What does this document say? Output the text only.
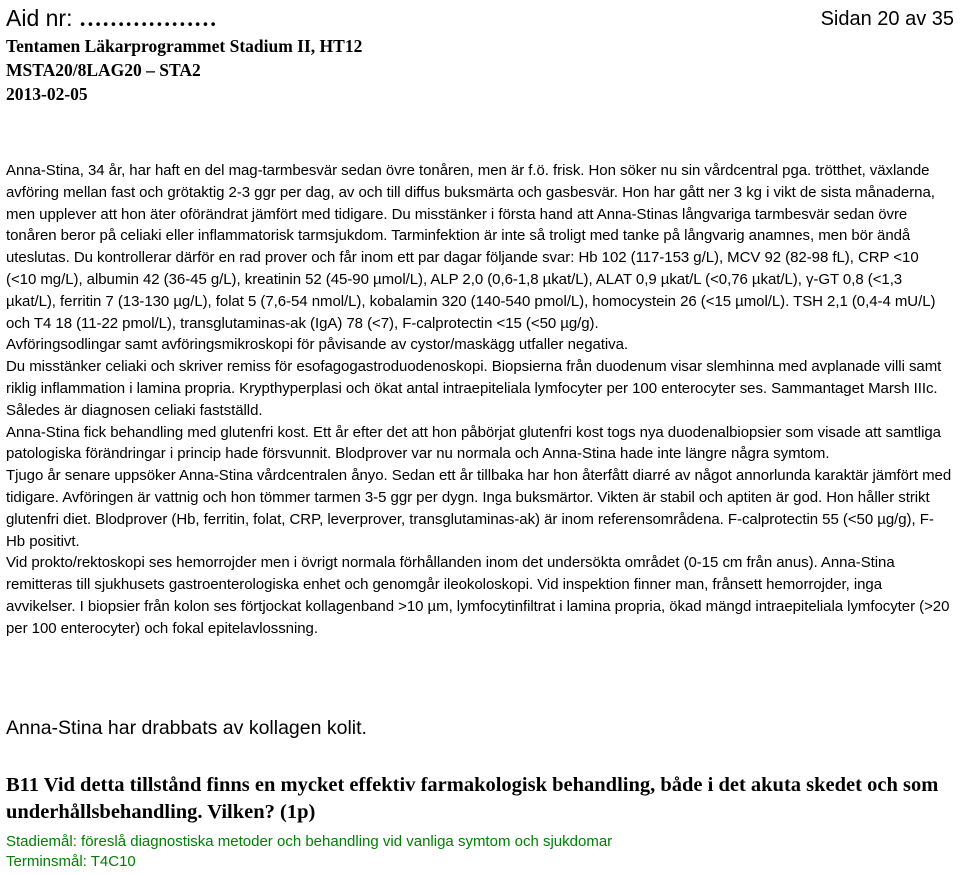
Aid nr: ………………	Sidan 20 av 35
Tentamen Läkarprogrammet Stadium II, HT12
MSTA20/8LAG20 – STA2
2013-02-05

Anna-Stina, 34 år, har haft en del mag-tarmbesvär sedan övre tonåren, men är f.ö. frisk. Hon söker nu sin vårdcentral pga. trötthet, växlande avföring mellan fast och grötaktig 2-3 ggr per dag, av och till diffus buksmärta och gasbesvär. Hon har gått ner 3 kg i vikt de sista månaderna, men upplever att hon äter oförändrat jämfört med tidigare. Du misstänker i första hand att Anna-Stinas långvariga tarmbesvär sedan övre tonåren beror på celiaki eller inflammatorisk tarmsjukdom. Tarminfektion är inte så troligt med tanke på långvarig anamnes, men bör ändå uteslutas. Du kontrollerar därför en rad prover och får inom ett par dagar följande svar: Hb 102 (117-153 g/L), MCV 92 (82-98 fL), CRP <10 (<10 mg/L), albumin 42 (36-45 g/L), kreatinin 52 (45-90 µmol/L), ALP 2,0 (0,6-1,8 µkat/L), ALAT 0,9 µkat/L (<0,76 µkat/L), γ-GT 0,8 (<1,3 µkat/L), ferritin 7 (13-130 µg/L), folat 5 (7,6-54 nmol/L), kobalamin 320 (140-540 pmol/L), homocystein 26 (<15 µmol/L). TSH 2,1 (0,4-4 mU/L) och T4 18 (11-22 pmol/L), transglutaminas-ak (IgA) 78 (<7), F-calprotectin <15 (<50 µg/g).

Avföringsodlingar samt avföringsmikroskopi för påvisande av cystor/maskägg utfaller negativa.

Du misstänker celiaki och skriver remiss för esofagogastroduodenoskopi. Biopsierna från duodenum visar slemhinna med avplanade villi samt riklig inflammation i lamina propria. Krypthyperplasi och ökat antal intraepiteliala lymfocyter per 100 enterocyter ses. Sammantaget Marsh IIIc. Således är diagnosen celiaki fastställd.

Anna-Stina fick behandling med glutenfri kost. Ett år efter det att hon påbörjat glutenfri kost togs nya duodenalbiopsier som visade att samtliga patologiska förändringar i princip hade försvunnit. Blodprover var nu normala och Anna-Stina hade inte längre några symtom.

Tjugo år senare uppsöker Anna-Stina vårdcentralen ånyo. Sedan ett år tillbaka har hon återfått diarré av något annorlunda karaktär jämfört med tidigare. Avföringen är vattnig och hon tömmer tarmen 3-5 ggr per dygn. Inga buksmärtor. Vikten är stabil och aptiten är god. Hon håller strikt glutenfri diet. Blodprover (Hb, ferritin, folat, CRP, leverprover, transglutaminas-ak) är inom referensområdena. F-calprotectin 55 (<50 µg/g), F-Hb positivt.

Vid prokto/rektoskopi ses hemorrojder men i övrigt normala förhållanden inom det undersökta området (0-15 cm från anus). Anna-Stina remitteras till sjukhusets gastroenterologiska enhet och genomgår ileokoloskopi. Vid inspektion finner man, frånsett hemorrojder, inga avvikelser. I biopsier från kolon ses förtjockat kollagenband >10 µm, lymfocytinfiltrat i lamina propria, ökad mängd intraepiteliala lymfocyter (>20 per 100 enterocyter) och fokal epitelavlossning.

Anna-Stina har drabbats av kollagen kolit.
B11 Vid detta tillstånd finns en mycket effektiv farmakologisk behandling, både i det akuta skedet och som underhållsbehandling. Vilken? (1p)
Stadiemål: föreslå diagnostiska metoder och behandling vid vanliga symtom och sjukdomar
Terminsmål: T4C10
